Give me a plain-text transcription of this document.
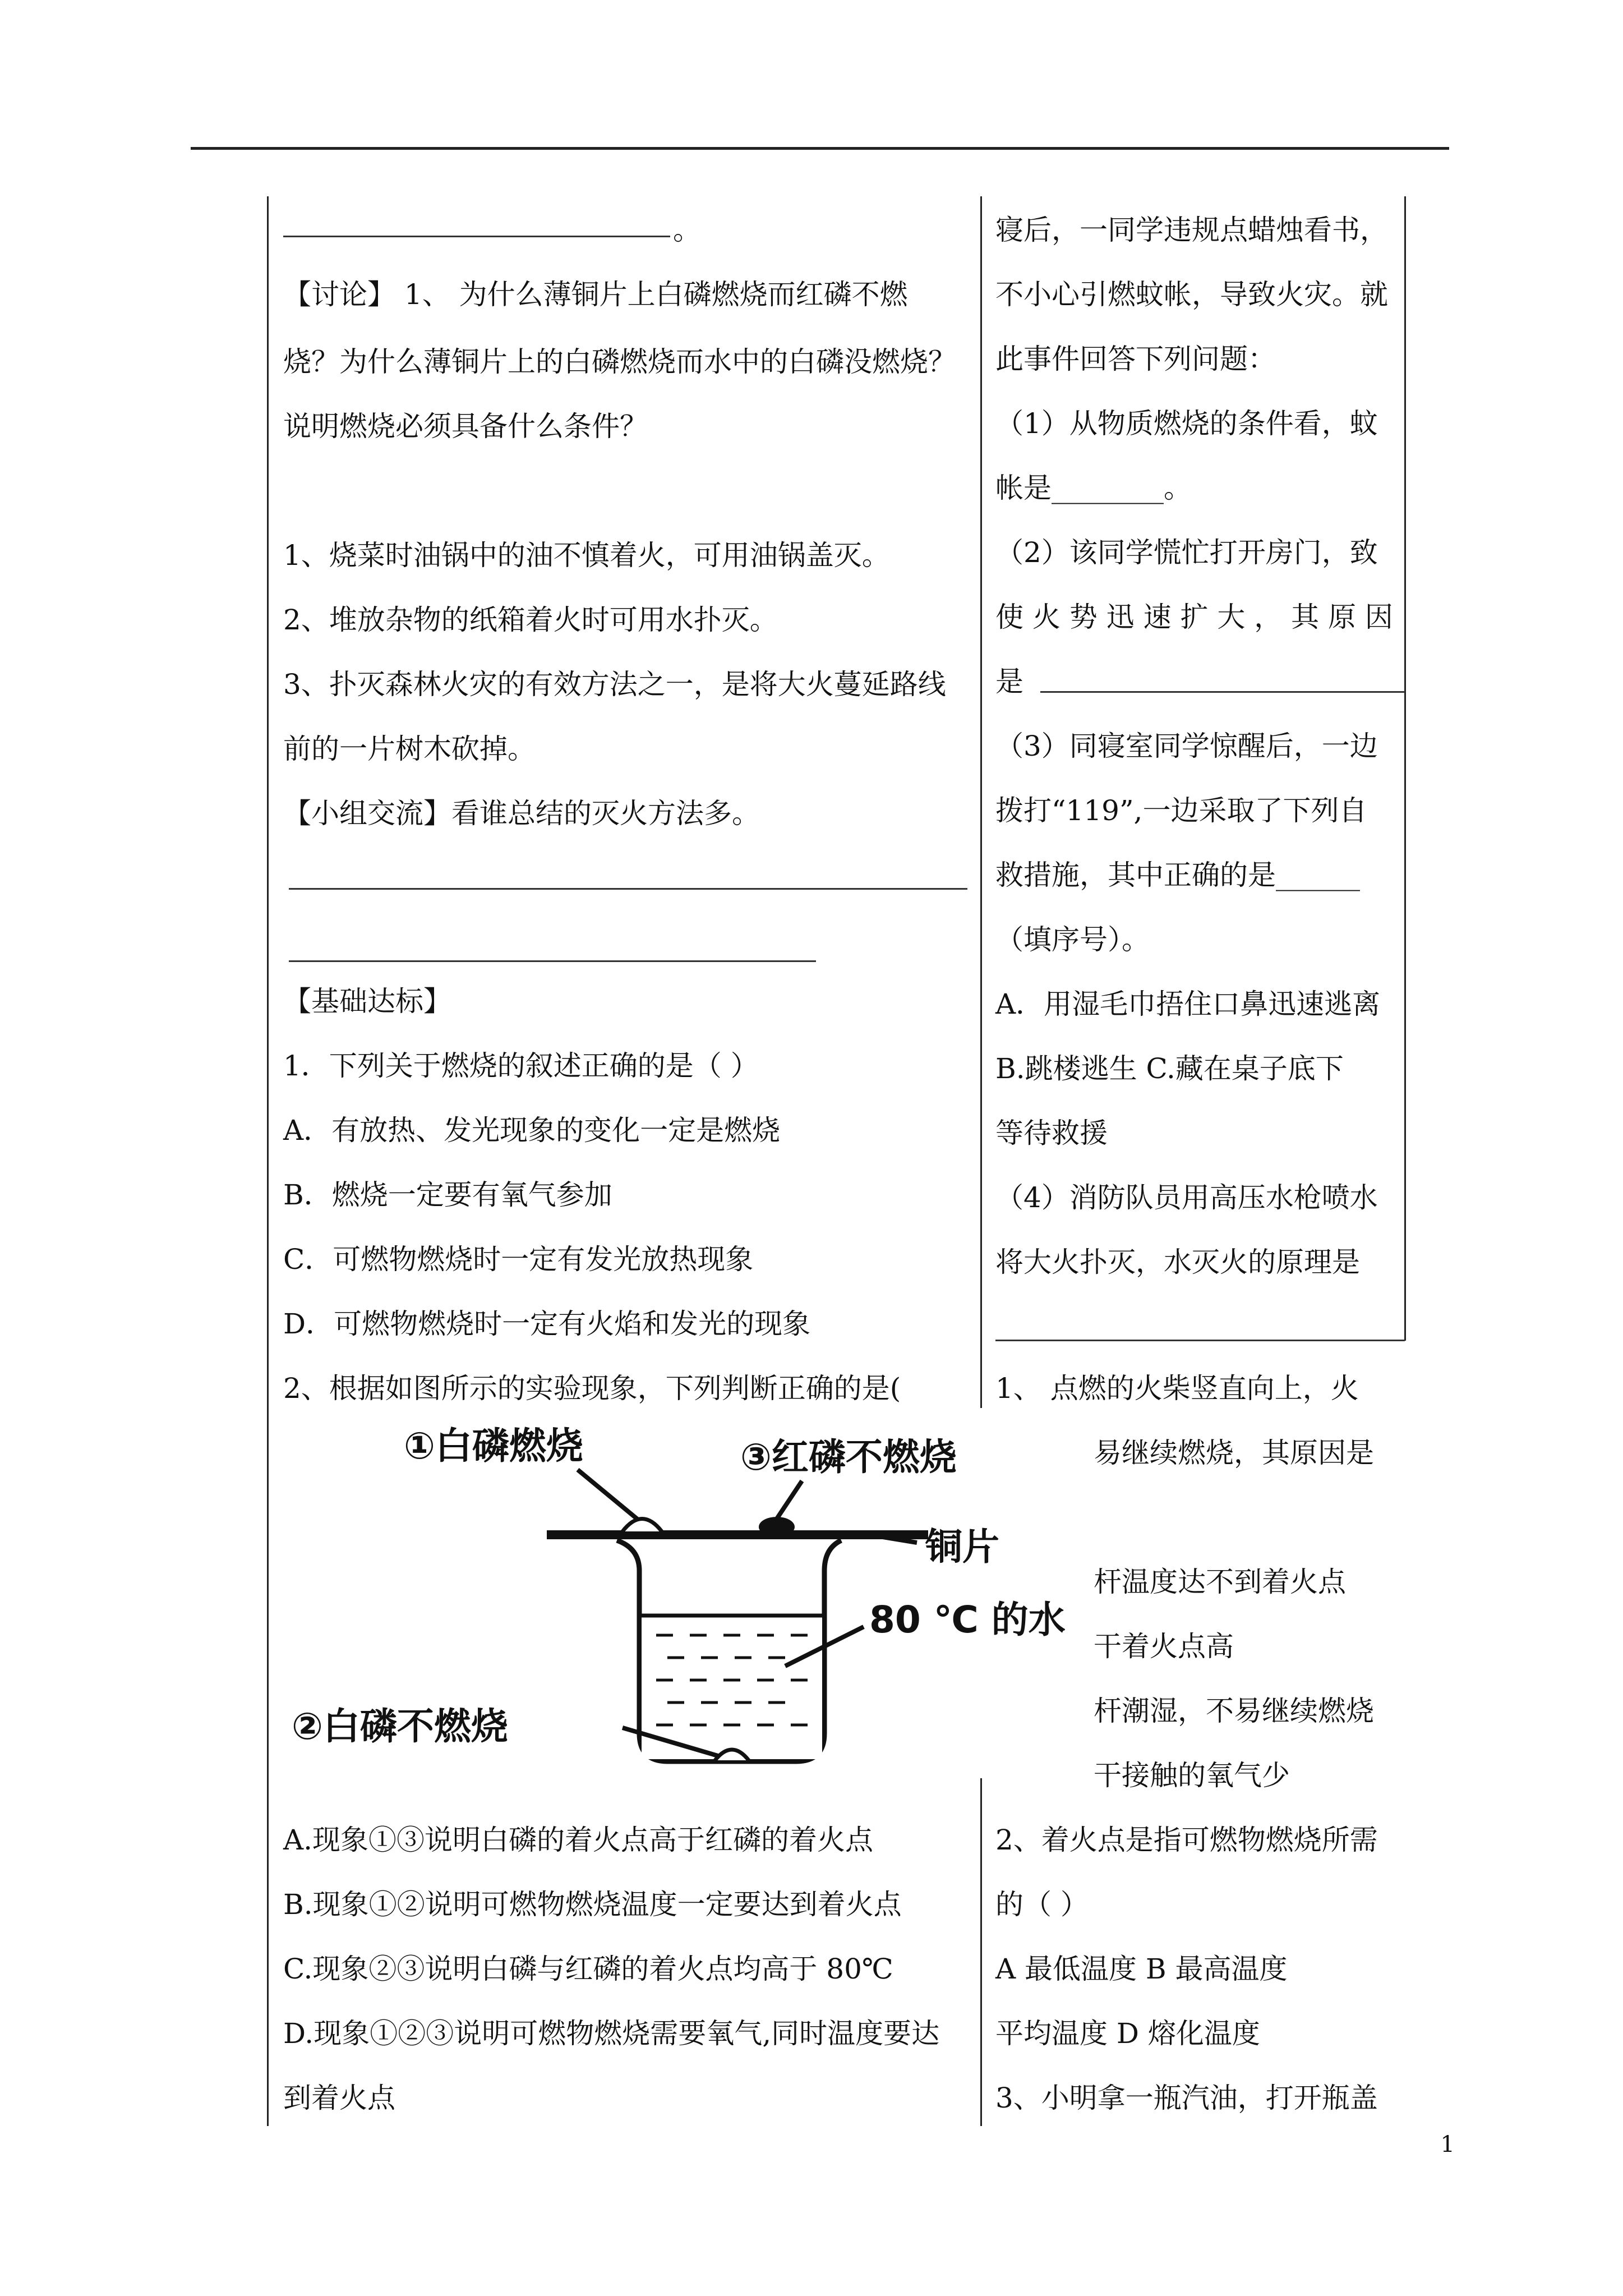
。
【讨论】 1、 为什么薄铜片上白磷燃烧而红磷不燃
烧？为什么薄铜片上的白磷燃烧而水中的白磷没燃烧？
说明燃烧必须具备什么条件？
1、烧菜时油锅中的油不慎着火，可用油锅盖灭。
2、堆放杂物的纸箱着火时可用水扑灭。
3、扑灭森林火灾的有效方法之一，是将大火蔓延路线
前的一片树木砍掉。
【小组交流】看谁总结的灭火方法多。
【基础达标】
1．下列关于燃烧的叙述正确的是（ ）
A．有放热、发光现象的变化一定是燃烧
B．燃烧一定要有氧气参加
C．可燃物燃烧时一定有发光放热现象
D．可燃物燃烧时一定有火焰和发光的现象
2、根据如图所示的实验现象，下列判断正确的是(
A.现象①③说明白磷的着火点高于红磷的着火点
B.现象①②说明可燃物燃烧温度一定要达到着火点
C.现象②③说明白磷与红磷的着火点均高于 80℃
D.现象①②③说明可燃物燃烧需要氧气,同时温度要达
到着火点
寝后，一同学违规点蜡烛看书，
不小心引燃蚊帐，导致火灾。就
此事件回答下列问题：
（1）从物质燃烧的条件看，蚊
帐是________。
（2）该同学慌忙打开房门，致
使 火 势 迅 速 扩 大 ， 其 原 因
是
（3）同寝室同学惊醒后，一边
拨打“119”,一边采取了下列自
救措施，其中正确的是______
（填序号）。
A．用湿毛巾捂住口鼻迅速逃离
B.跳楼逃生 C.藏在桌子底下
等待救援
（4）消防队员用高压水枪喷水
将大火扑灭，水灭火的原理是
1、 点燃的火柴竖直向上，火
易继续燃烧，其原因是
杆温度达不到着火点
干着火点高
杆潮湿，不易继续燃烧
干接触的氧气少
2、着火点是指可燃物燃烧所需
的（ ）
A 最低温度 B 最高温度
平均温度 D 熔化温度
3、小明拿一瓶汽油，打开瓶盖
①白磷燃烧	③红磷不燃烧
铜片
80 ℃ 的水
②白磷不燃烧
1
